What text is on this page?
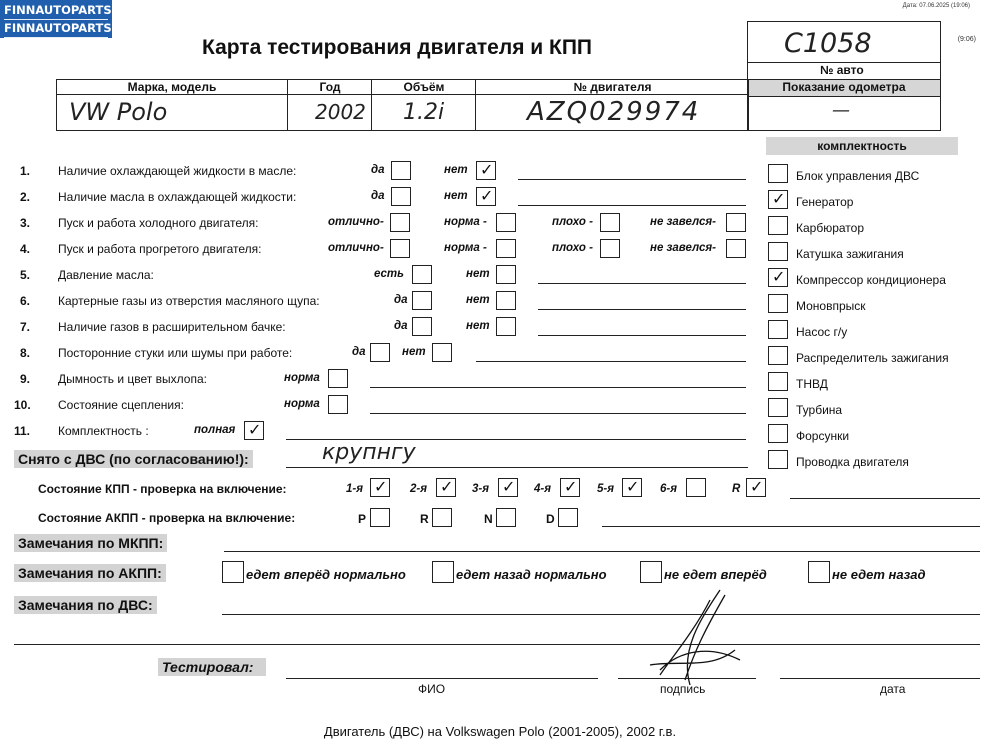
FINNAUTOPARTS
FINNAUTOPARTS
Дата: 07.06.2025 (19:06)
(9:06)
Карта тестирования двигателя и КПП	C1058
№ авто
Показание одометра
—
Марка, модель	Год	Объём	№ двигателя
VW Polo	2002 1.2i	AZQ029974
комплектность
Снято с ДВС (по согласованию!):	крупнгу
Состояние КПП - проверка на включение:
Состояние АКПП - проверка на включение:
Замечания по МКПП:
Замечания по АКПП:
Замечания по ДВС:
Тестировал:
ФИО	подпись	дата
Двигатель (ДВС) на Volkswagen Polo (2001-2005), 2002 г.в.
1. Наличие охлаждающей жидкости в масле:	да	нет ✓
2. Наличие масла в охлаждающей жидкости:	да	нет ✓
3. Пуск и работа холодного двигателя:	отлично-	норма -	плохо -	не завелся-
4. Пуск и работа прогретого двигателя:	отлично-	норма -	плохо -	не завелся-
5. Давление масла:	есть	нет
6. Картерные газы из отверстия масляного щупа:	да	нет
7. Наличие газов в расширительном бачке:	да	нет
8. Посторонние стуки или шумы при работе:	да	нет
9. Дымность и цвет выхлопа:	норма
10. Состояние сцепления:	норма
11. Комплектность :	полная ✓
Блок управления ДВС
✓ Генератор
Карбюратор
Катушка зажигания
✓ Компрессор кондиционера
Моновпрыск
Насос г/у
Распределитель зажигания
ТНВД
Турбина
Форсунки
Проводка двигателя
1-я ✓ 2-я ✓ 3-я ✓ 4-я ✓ 5-я ✓ 6-я	R ✓
P	R	N	D
едет вперёд нормально	едет назад нормально	не едет вперёд	не едет назад
